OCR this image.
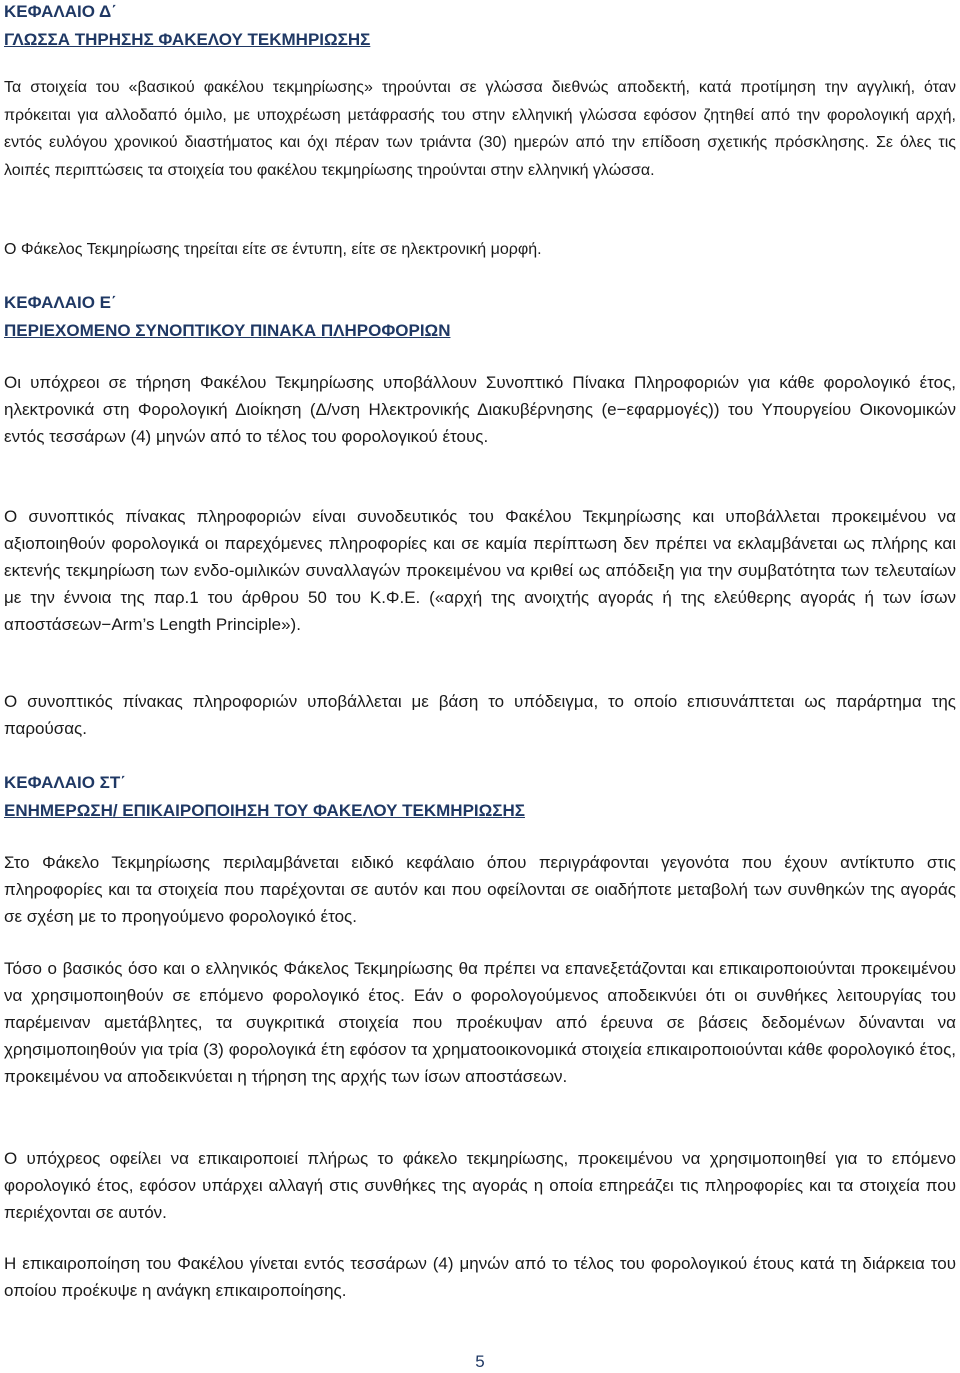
ΚΕΦΑΛΑΙΟ Δ΄
ΓΛΩΣΣΑ ΤΗΡΗΣΗΣ ΦΑΚΕΛΟΥ ΤΕΚΜΗΡΙΩΣΗΣ

Τα στοιχεία του «βασικού φακέλου τεκμηρίωσης» τηρούνται σε γλώσσα διεθνώς αποδεκτή, κατά προτίμηση την αγγλική, όταν πρόκειται για αλλοδαπό όμιλο, με υποχρέωση μετάφρασής του στην ελληνική γλώσσα εφόσον ζητηθεί από την φορολογική αρχή, εντός ευλόγου χρονικού διαστήματος και όχι πέραν των τριάντα (30) ημερών από την επίδοση σχετικής πρόσκλησης. Σε όλες τις λοιπές περιπτώσεις τα στοιχεία του φακέλου τεκμηρίωσης τηρούνται στην ελληνική γλώσσα.

Ο Φάκελος Τεκμηρίωσης τηρείται είτε σε έντυπη, είτε σε ηλεκτρονική μορφή.

ΚΕΦΑΛΑΙΟ Ε΄
ΠΕΡΙΕΧΟΜΕΝΟ ΣΥΝΟΠΤΙΚΟΥ ΠΙΝΑΚΑ ΠΛΗΡΟΦΟΡΙΩΝ

Οι υπόχρεοι σε τήρηση Φακέλου Τεκμηρίωσης υποβάλλουν Συνοπτικό Πίνακα Πληροφοριών για κάθε φορολογικό έτος, ηλεκτρονικά στη Φορολογική Διοίκηση (Δ/νση Ηλεκτρονικής Διακυβέρνησης (e−εφαρμογές)) του Υπουργείου Οικονομικών εντός τεσσάρων (4) μηνών από το τέλος του φορολογικού έτους.

Ο συνοπτικός πίνακας πληροφοριών είναι συνοδευτικός του Φακέλου Τεκμηρίωσης και υποβάλλεται προκειμένου να αξιοποιηθούν φορολογικά οι παρεχόμενες πληροφορίες και σε καμία περίπτωση δεν πρέπει να εκλαμβάνεται ως πλήρης και εκτενής τεκμηρίωση των ενδο-ομιλικών συναλλαγών προκειμένου να κριθεί ως απόδειξη για την συμβατότητα των τελευταίων με την έννοια της παρ.1 του άρθρου 50 του Κ.Φ.Ε. («αρχή της ανοιχτής αγοράς ή της ελεύθερης αγοράς ή των ίσων αποστάσεων−Arm’s Length Principle»).

Ο συνοπτικός πίνακας πληροφοριών υποβάλλεται με βάση το υπόδειγμα, το οποίο επισυνάπτεται ως παράρτημα της παρούσας.

ΚΕΦΑΛΑΙΟ ΣΤ΄
ΕΝΗΜΕΡΩΣΗ/ ΕΠΙΚΑΙΡΟΠΟΙΗΣΗ ΤΟΥ ΦΑΚΕΛΟΥ ΤΕΚΜΗΡΙΩΣΗΣ

Στο Φάκελο Τεκμηρίωσης περιλαμβάνεται ειδικό κεφάλαιο όπου περιγράφονται γεγονότα που έχουν αντίκτυπο στις πληροφορίες και τα στοιχεία που παρέχονται σε αυτόν και που οφείλονται σε οιαδήποτε μεταβολή των συνθηκών της αγοράς σε σχέση με το προηγούμενο φορολογικό έτος.

Τόσο ο βασικός όσο και ο ελληνικός Φάκελος Τεκμηρίωσης θα πρέπει να επανεξετάζονται και επικαιροποιούνται προκειμένου να χρησιμοποιηθούν σε επόμενο φορολογικό έτος. Εάν ο φορολογούμενος αποδεικνύει ότι οι συνθήκες λειτουργίας του παρέμειναν αμετάβλητες, τα συγκριτικά στοιχεία που προέκυψαν από έρευνα σε βάσεις δεδομένων δύνανται να χρησιμοποιηθούν για τρία (3) φορολογικά έτη εφόσον τα χρηματοοικονομικά στοιχεία επικαιροποιούνται κάθε φορολογικό έτος, προκειμένου να αποδεικνύεται η τήρηση της αρχής των ίσων αποστάσεων.

Ο υπόχρεος οφείλει να επικαιροποιεί πλήρως το φάκελο τεκμηρίωσης, προκειμένου να χρησιμοποιηθεί για το επόμενο φορολογικό έτος, εφόσον υπάρχει αλλαγή στις συνθήκες της αγοράς η οποία επηρεάζει τις πληροφορίες και τα στοιχεία που περιέχονται σε αυτόν.

Η επικαιροποίηση του Φακέλου γίνεται εντός τεσσάρων (4) μηνών από το τέλος του φορολογικού έτους κατά τη διάρκεια του οποίου προέκυψε η ανάγκη επικαιροποίησης.

5
